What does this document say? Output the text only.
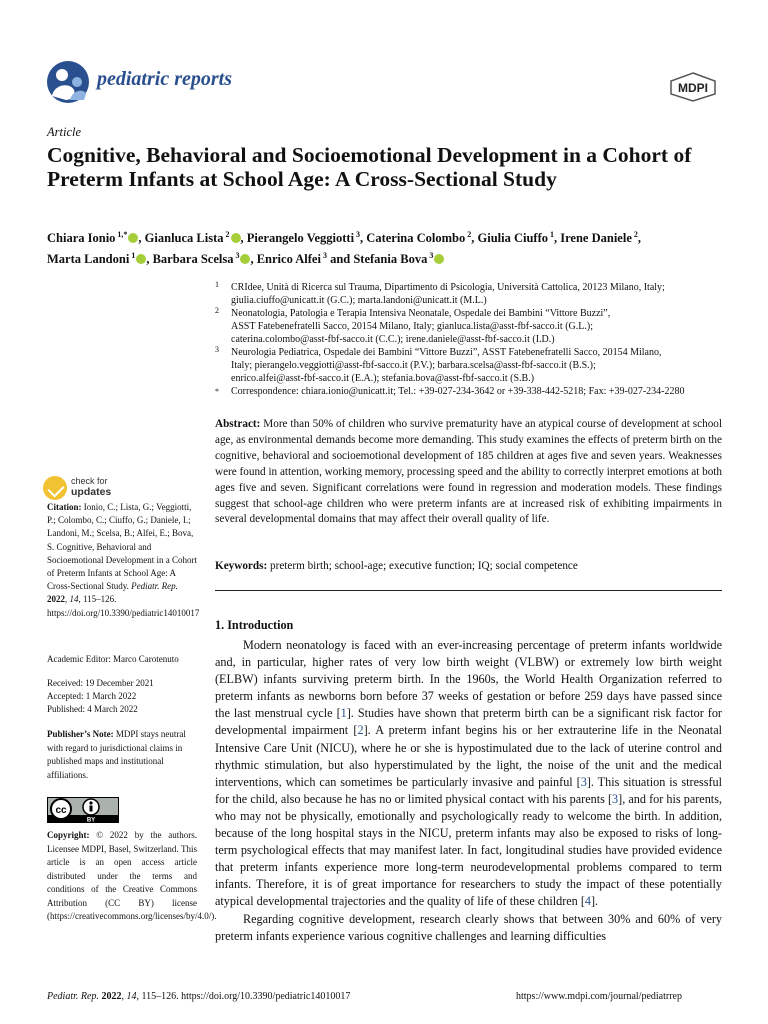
pediatric reports	MDPI
Article
Cognitive, Behavioral and Socioemotional Development in a Cohort of Preterm Infants at School Age: A Cross-Sectional Study
Chiara Ionio $^{1,*}$ , Gianluca Lista $^2$ , Pierangelo Veggiotti $^3$, Caterina Colombo $^2$, Giulia Ciuffo $^1$, Irene Daniele $^2$,
Marta Landoni $^1$ , Barbara Scelsa $^3$ , Enrico Alfei $^3$ and Stefania Bova $^3$
1 CRIdee, Unità di Ricerca sul Trauma, Dipartimento di Psicologia, Università Cattolica, 20123 Milano, Italy;
giulia.ciuffo@unicatt.it (G.C.); marta.landoni@unicatt.it (M.L.)
2 Neonatologia, Patologia e Terapia Intensiva Neonatale, Ospedale dei Bambini “Vittore Buzzi”,
ASST Fatebenefratelli Sacco, 20154 Milano, Italy; gianluca.lista@asst-fbf-sacco.it (G.L.);
caterina.colombo@asst-fbf-sacco.it (C.C.); irene.daniele@asst-fbf-sacco.it (I.D.)
3 Neurologia Pediatrica, Ospedale dei Bambini “Vittore Buzzi”, ASST Fatebenefratelli Sacco, 20154 Milano,
Italy; pierangelo.veggiotti@asst-fbf-sacco.it (P.V.); barbara.scelsa@asst-fbf-sacco.it (B.S.);
enrico.alfei@asst-fbf-sacco.it (E.A.); stefania.bova@asst-fbf-sacco.it (S.B.)
* Correspondence: chiara.ionio@unicatt.it; Tel.: +39-027-234-3642 or +39-338-442-5218; Fax: +39-027-234-2280
Abstract: More than 50% of children who survive prematurity have an atypical course of development at school age, as environmental demands become more demanding. This study examines the effects of preterm birth on the cognitive, behavioral and socioemotional development of 185 children at ages five and seven years. Weaknesses were found in attention, working memory, processing speed and the ability to correctly interpret emotions at both ages five and seven. Significant correlations were found in regression and moderation models. These findings suggest that school-age children who were preterm infants are at increased risk of exhibiting impairments in several developmental domains that may affect their overall quality of life.
Keywords: preterm birth; school-age; executive function; IQ; social competence
1. Introduction

Modern neonatology is faced with an ever-increasing percentage of preterm infants worldwide and, in particular, higher rates of very low birth weight (VLBW) or extremely low birth weight (ELBW) infants surviving preterm birth. In the 1960s, the World Health Organization referred to preterm infants as newborns born before 37 weeks of gestation or before 259 days have passed since the last menstrual cycle [1]. Studies have shown that preterm birth can be a significant risk factor for developmental impairment [2]. A preterm infant begins his or her extrauterine life in the Neonatal Intensive Care Unit (NICU), where he or she is hypostimulated due to the lack of uterine control and rhythmic stimulation, but also hyperstimulated by the light, the noise of the unit and the medical interventions, which can sometimes be particularly invasive and painful [3]. This situation is stressful for the child, also because he has no or limited physical contact with his parents [3], and for his parents, who may not be physically, emotionally and psychologically ready to welcome the birth. In addition, because of the long hospital stays in the NICU, preterm infants may also be exposed to risks of long-term psychological effects that may manifest later. In fact, longitudinal studies have provided evidence that preterm infants experience more long-term neurodevelopmental problems compared to term infants. Therefore, it is of great importance for researchers to study the impact of these potentially atypical developmental trajectories and the quality of life of these children [4].

Regarding cognitive development, research clearly shows that between 30% and 60% of very preterm infants experience various cognitive challenges and learning difficulties

check for
updates

Citation: Ionio, C.; Lista, G.; Veggiotti, P.; Colombo, C.; Ciuffo, G.; Daniele, I.; Landoni, M.; Scelsa, B.; Alfei, E.; Bova, S. Cognitive, Behavioral and Socioemotional Development in a Cohort of Preterm Infants at School Age: A Cross-Sectional Study. Pediatr. Rep. 2022, 14, 115–126. https://doi.org/10.3390/pediatric14010017

Academic Editor: Marco Carotenuto
Received: 19 December 2021
Accepted: 1 March 2022
Published: 4 March 2022
Publisher’s Note: MDPI stays neutral with regard to jurisdictional claims in published maps and institutional affiliations.
cc
BY
Copyright: © 2022 by the authors. Licensee MDPI, Basel, Switzerland. This article is an open access article distributed under the terms and conditions of the Creative Commons Attribution (CC BY) license (https://creativecommons.org/licenses/by/4.0/).
Pediatr. Rep. 2022, 14, 115–126. https://doi.org/10.3390/pediatric14010017	https://www.mdpi.com/journal/pediatrrep
